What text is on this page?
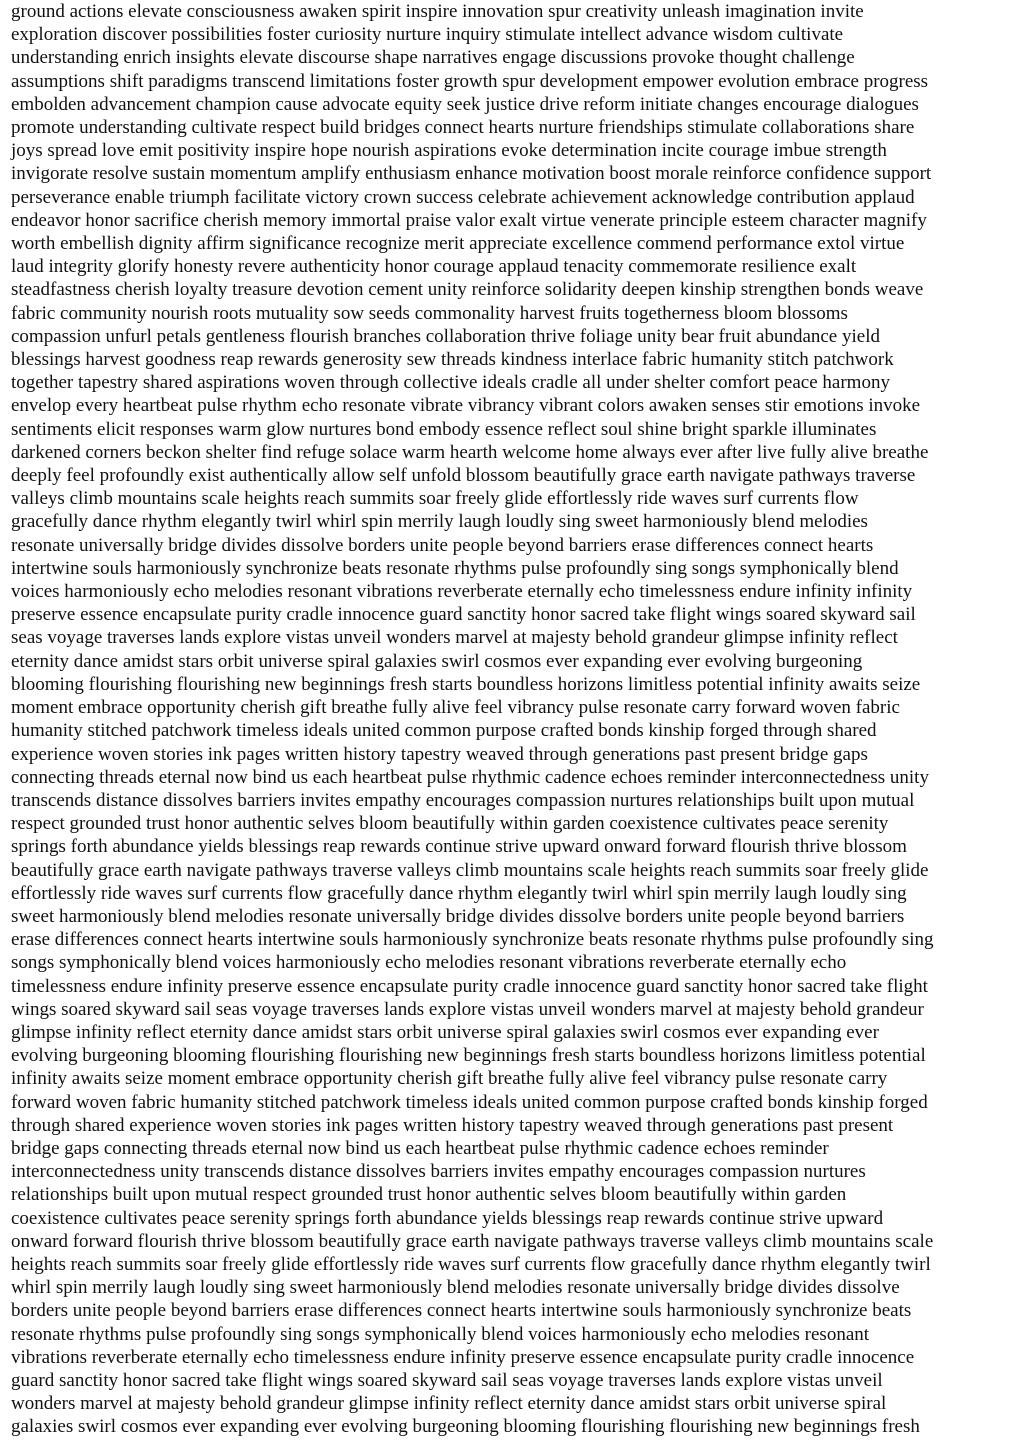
ground actions elevate consciousness awaken spirit inspire innovation spur creativity unleash imagination invite
exploration discover possibilities foster curiosity nurture inquiry stimulate intellect advance wisdom cultivate
understanding enrich insights elevate discourse shape narratives engage discussions provoke thought challenge
assumptions shift paradigms transcend limitations foster growth spur development empower evolution embrace progress
embolden advancement champion cause advocate equity seek justice drive reform initiate changes encourage dialogues
promote understanding cultivate respect build bridges connect hearts nurture friendships stimulate collaborations share
joys spread love emit positivity inspire hope nourish aspirations evoke determination incite courage imbue strength
invigorate resolve sustain momentum amplify enthusiasm enhance motivation boost morale reinforce confidence support
perseverance enable triumph facilitate victory crown success celebrate achievement acknowledge contribution applaud
endeavor honor sacrifice cherish memory immortal praise valor exalt virtue venerate principle esteem character magnify
worth embellish dignity affirm significance recognize merit appreciate excellence commend performance extol virtue
laud integrity glorify honesty revere authenticity honor courage applaud tenacity commemorate resilience exalt
steadfastness cherish loyalty treasure devotion cement unity reinforce solidarity deepen kinship strengthen bonds weave
fabric community nourish roots mutuality sow seeds commonality harvest fruits togetherness bloom blossoms
compassion unfurl petals gentleness flourish branches collaboration thrive foliage unity bear fruit abundance yield
blessings harvest goodness reap rewards generosity sew threads kindness interlace fabric humanity stitch patchwork
together tapestry shared aspirations woven through collective ideals cradle all under shelter comfort peace harmony
envelop every heartbeat pulse rhythm echo resonate vibrate vibrancy vibrant colors awaken senses stir emotions invoke
sentiments elicit responses warm glow nurtures bond embody essence reflect soul shine bright sparkle illuminates
darkened corners beckon shelter find refuge solace warm hearth welcome home always ever after live fully alive breathe
deeply feel profoundly exist authentically allow self unfold blossom beautifully grace earth navigate pathways traverse
valleys climb mountains scale heights reach summits soar freely glide effortlessly ride waves surf currents flow
gracefully dance rhythm elegantly twirl whirl spin merrily laugh loudly sing sweet harmoniously blend melodies
resonate universally bridge divides dissolve borders unite people beyond barriers erase differences connect hearts
intertwine souls harmoniously synchronize beats resonate rhythms pulse profoundly sing songs symphonically blend
voices harmoniously echo melodies resonant vibrations reverberate eternally echo timelessness endure infinity infinity
preserve essence encapsulate purity cradle innocence guard sanctity honor sacred take flight wings soared skyward sail
seas voyage traverses lands explore vistas unveil wonders marvel at majesty behold grandeur glimpse infinity reflect
eternity dance amidst stars orbit universe spiral galaxies swirl cosmos ever expanding ever evolving burgeoning
blooming flourishing flourishing new beginnings fresh starts boundless horizons limitless potential infinity awaits seize
moment embrace opportunity cherish gift breathe fully alive feel vibrancy pulse resonate carry forward woven fabric
humanity stitched patchwork timeless ideals united common purpose crafted bonds kinship forged through shared
experience woven stories ink pages written history tapestry weaved through generations past present bridge gaps
connecting threads eternal now bind us each heartbeat pulse rhythmic cadence echoes reminder interconnectedness unity
transcends distance dissolves barriers invites empathy encourages compassion nurtures relationships built upon mutual
respect grounded trust honor authentic selves bloom beautifully within garden coexistence cultivates peace serenity
springs forth abundance yields blessings reap rewards continue strive upward onward forward flourish thrive blossom
beautifully grace earth navigate pathways traverse valleys climb mountains scale heights reach summits soar freely glide
effortlessly ride waves surf currents flow gracefully dance rhythm elegantly twirl whirl spin merrily laugh loudly sing
sweet harmoniously blend melodies resonate universally bridge divides dissolve borders unite people beyond barriers
erase differences connect hearts intertwine souls harmoniously synchronize beats resonate rhythms pulse profoundly sing
songs symphonically blend voices harmoniously echo melodies resonant vibrations reverberate eternally echo
timelessness endure infinity preserve essence encapsulate purity cradle innocence guard sanctity honor sacred take flight
wings soared skyward sail seas voyage traverses lands explore vistas unveil wonders marvel at majesty behold grandeur
glimpse infinity reflect eternity dance amidst stars orbit universe spiral galaxies swirl cosmos ever expanding ever
evolving burgeoning blooming flourishing flourishing new beginnings fresh starts boundless horizons limitless potential
infinity awaits seize moment embrace opportunity cherish gift breathe fully alive feel vibrancy pulse resonate carry
forward woven fabric humanity stitched patchwork timeless ideals united common purpose crafted bonds kinship forged
through shared experience woven stories ink pages written history tapestry weaved through generations past present
bridge gaps connecting threads eternal now bind us each heartbeat pulse rhythmic cadence echoes reminder
interconnectedness unity transcends distance dissolves barriers invites empathy encourages compassion nurtures
relationships built upon mutual respect grounded trust honor authentic selves bloom beautifully within garden
coexistence cultivates peace serenity springs forth abundance yields blessings reap rewards continue strive upward
onward forward flourish thrive blossom beautifully grace earth navigate pathways traverse valleys climb mountains scale
heights reach summits soar freely glide effortlessly ride waves surf currents flow gracefully dance rhythm elegantly twirl
whirl spin merrily laugh loudly sing sweet harmoniously blend melodies resonate universally bridge divides dissolve
borders unite people beyond barriers erase differences connect hearts intertwine souls harmoniously synchronize beats
resonate rhythms pulse profoundly sing songs symphonically blend voices harmoniously echo melodies resonant
vibrations reverberate eternally echo timelessness endure infinity preserve essence encapsulate purity cradle innocence
guard sanctity honor sacred take flight wings soared skyward sail seas voyage traverses lands explore vistas unveil
wonders marvel at majesty behold grandeur glimpse infinity reflect eternity dance amidst stars orbit universe spiral
galaxies swirl cosmos ever expanding ever evolving burgeoning blooming flourishing flourishing new beginnings fresh
